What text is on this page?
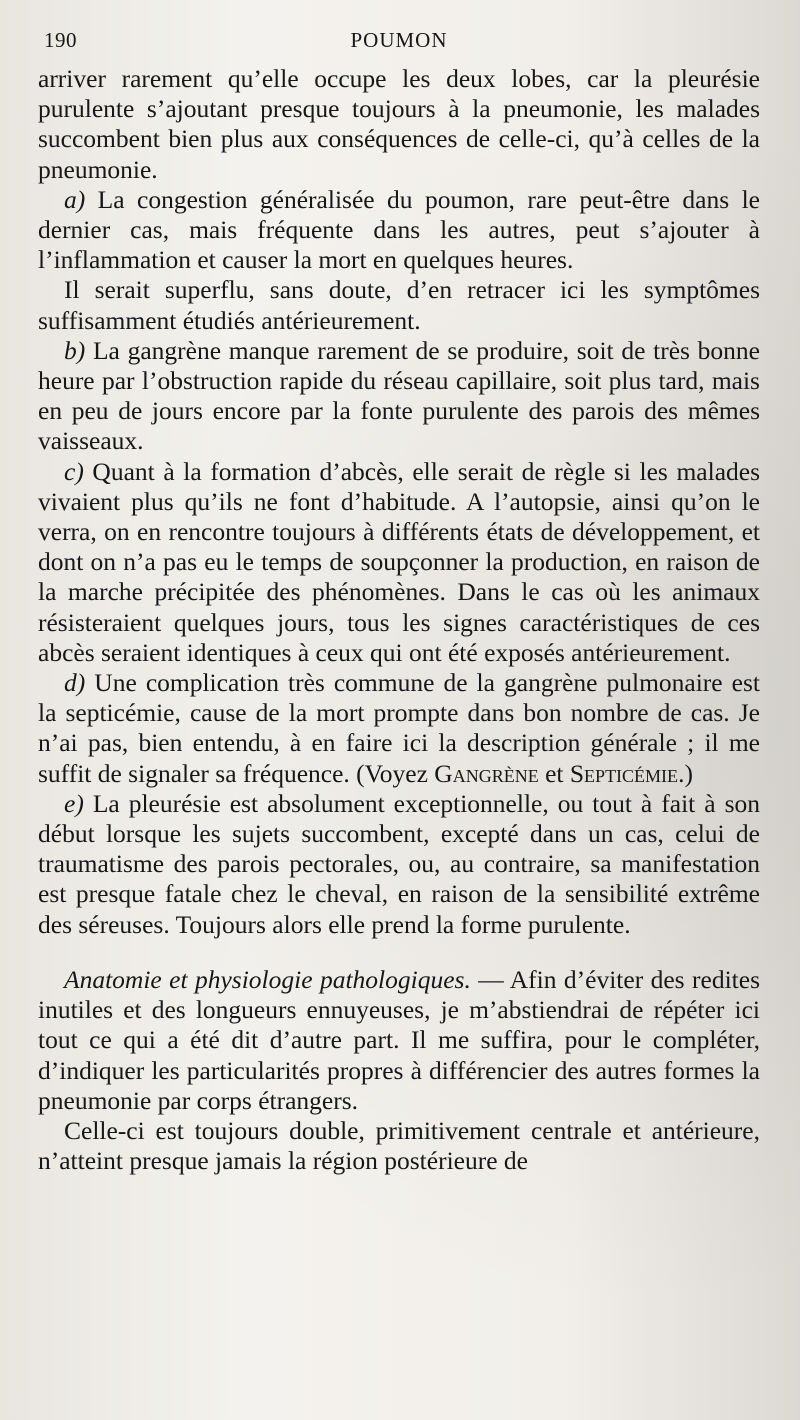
190	POUMON

arriver rarement qu’elle occupe les deux lobes, car la pleurésie purulente s’ajoutant presque toujours à la pneumonie, les malades succombent bien plus aux conséquences de celle-ci, qu’à celles de la pneumonie.

a) La congestion généralisée du poumon, rare peut-être dans le dernier cas, mais fréquente dans les autres, peut s’ajouter à l’inflammation et causer la mort en quelques heures.

Il serait superflu, sans doute, d’en retracer ici les symptômes suffisamment étudiés antérieurement.

b) La gangrène manque rarement de se produire, soit de très bonne heure par l’obstruction rapide du réseau capillaire, soit plus tard, mais en peu de jours encore par la fonte purulente des parois des mêmes vaisseaux.

c) Quant à la formation d’abcès, elle serait de règle si les malades vivaient plus qu’ils ne font d’habitude. A l’autopsie, ainsi qu’on le verra, on en rencontre toujours à différents états de développement, et dont on n’a pas eu le temps de soupçonner la production, en raison de la marche précipitée des phénomènes. Dans le cas où les animaux résisteraient quelques jours, tous les signes caractéristiques de ces abcès seraient identiques à ceux qui ont été exposés antérieurement.

d) Une complication très commune de la gangrène pulmonaire est la septicémie, cause de la mort prompte dans bon nombre de cas. Je n’ai pas, bien entendu, à en faire ici la description générale ; il me suffit de signaler sa fréquence. (Voyez Gangrène et Septicémie.)

e) La pleurésie est absolument exceptionnelle, ou tout à fait à son début lorsque les sujets succombent, excepté dans un cas, celui de traumatisme des parois pectorales, ou, au contraire, sa manifestation est presque fatale chez le cheval, en raison de la sensibilité extrême des séreuses. Toujours alors elle prend la forme purulente.

Anatomie et physiologie pathologiques. — Afin d’éviter des redites inutiles et des longueurs ennuyeuses, je m’abstiendrai de répéter ici tout ce qui a été dit d’autre part. Il me suffira, pour le compléter, d’indiquer les particularités propres à différencier des autres formes la pneumonie par corps étrangers.

Celle-ci est toujours double, primitivement centrale et antérieure, n’atteint presque jamais la région postérieure de
